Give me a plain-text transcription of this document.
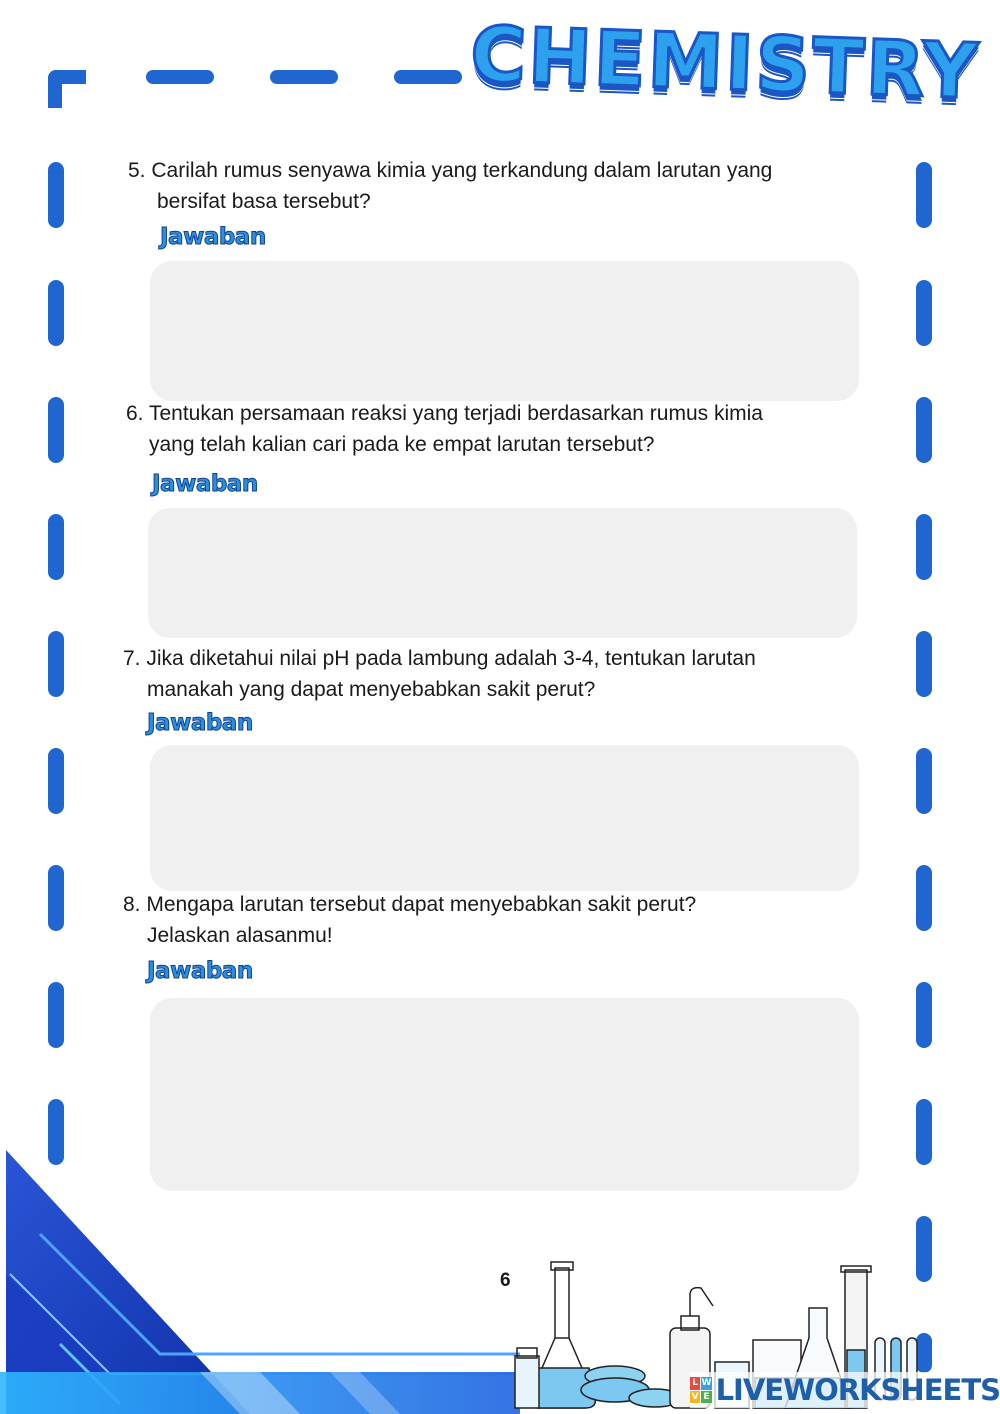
CHEMISTRY

5. Carilah rumus senyawa kimia yang terkandung dalam larutan yang
bersifat basa tersebut?

Jawaban

6. Tentukan persamaan reaksi yang terjadi berdasarkan rumus kimia
yang telah kalian cari pada ke empat larutan tersebut?

Jawaban

7. Jika diketahui nilai pH pada lambung adalah 3-4, tentukan larutan
manakah yang dapat menyebabkan sakit perut?

Jawaban

8. Mengapa larutan tersebut dapat menyebabkan sakit perut?
Jelaskan alasanmu!

Jawaban
6
L W
V E LIVEWORKSHEETS
